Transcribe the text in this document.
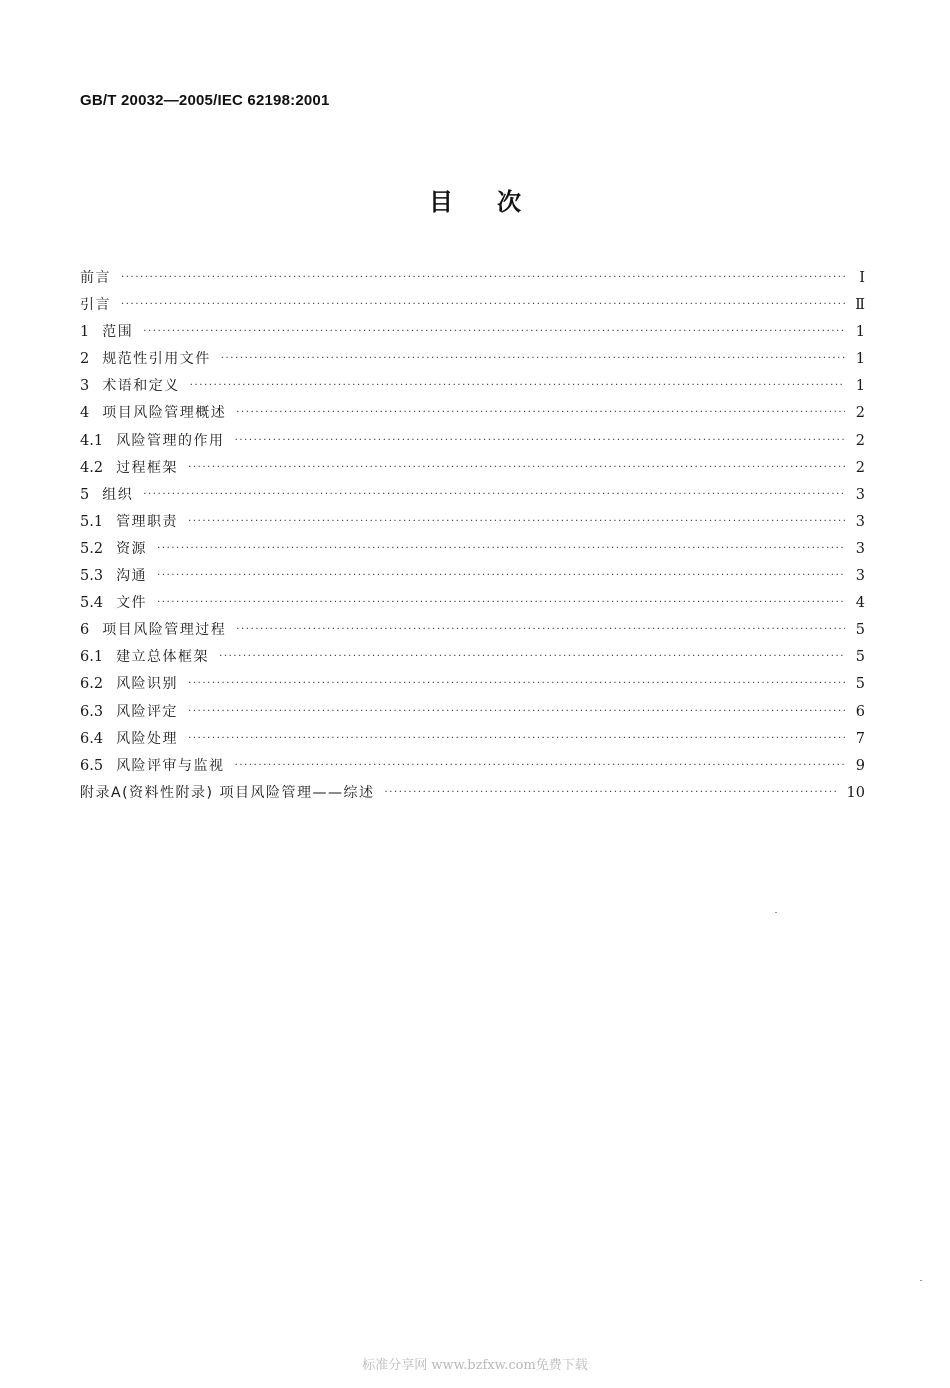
GB/T 20032—2005/IEC 62198:2001
目次
前言 ·····	I
引言 ·····	Ⅱ
1 范围 ·····	1
2 规范性引用文件 ·····	1
3 术语和定义 ·····	1
4 项目风险管理概述 ·····	2
4.1 风险管理的作用 ·····	2
4.2 过程框架 ·····	2
5 组织 ·····	3
5.1 管理职责 ·····	3
5.2 资源 ·····	3
5.3 沟通 ·····	3
5.4 文件 ·····	4
6 项目风险管理过程 ·····	5
6.1 建立总体框架 ·····	5
6.2 风险识别 ·····	5
6.3 风险评定 ·····	6
6.4 风险处理 ·····	7
6.5 风险评审与监视 ·····	9
附录A(资料性附录) 项目风险管理——综述 ·····	10
标准分享网 www.bzfxw.com免费下载
